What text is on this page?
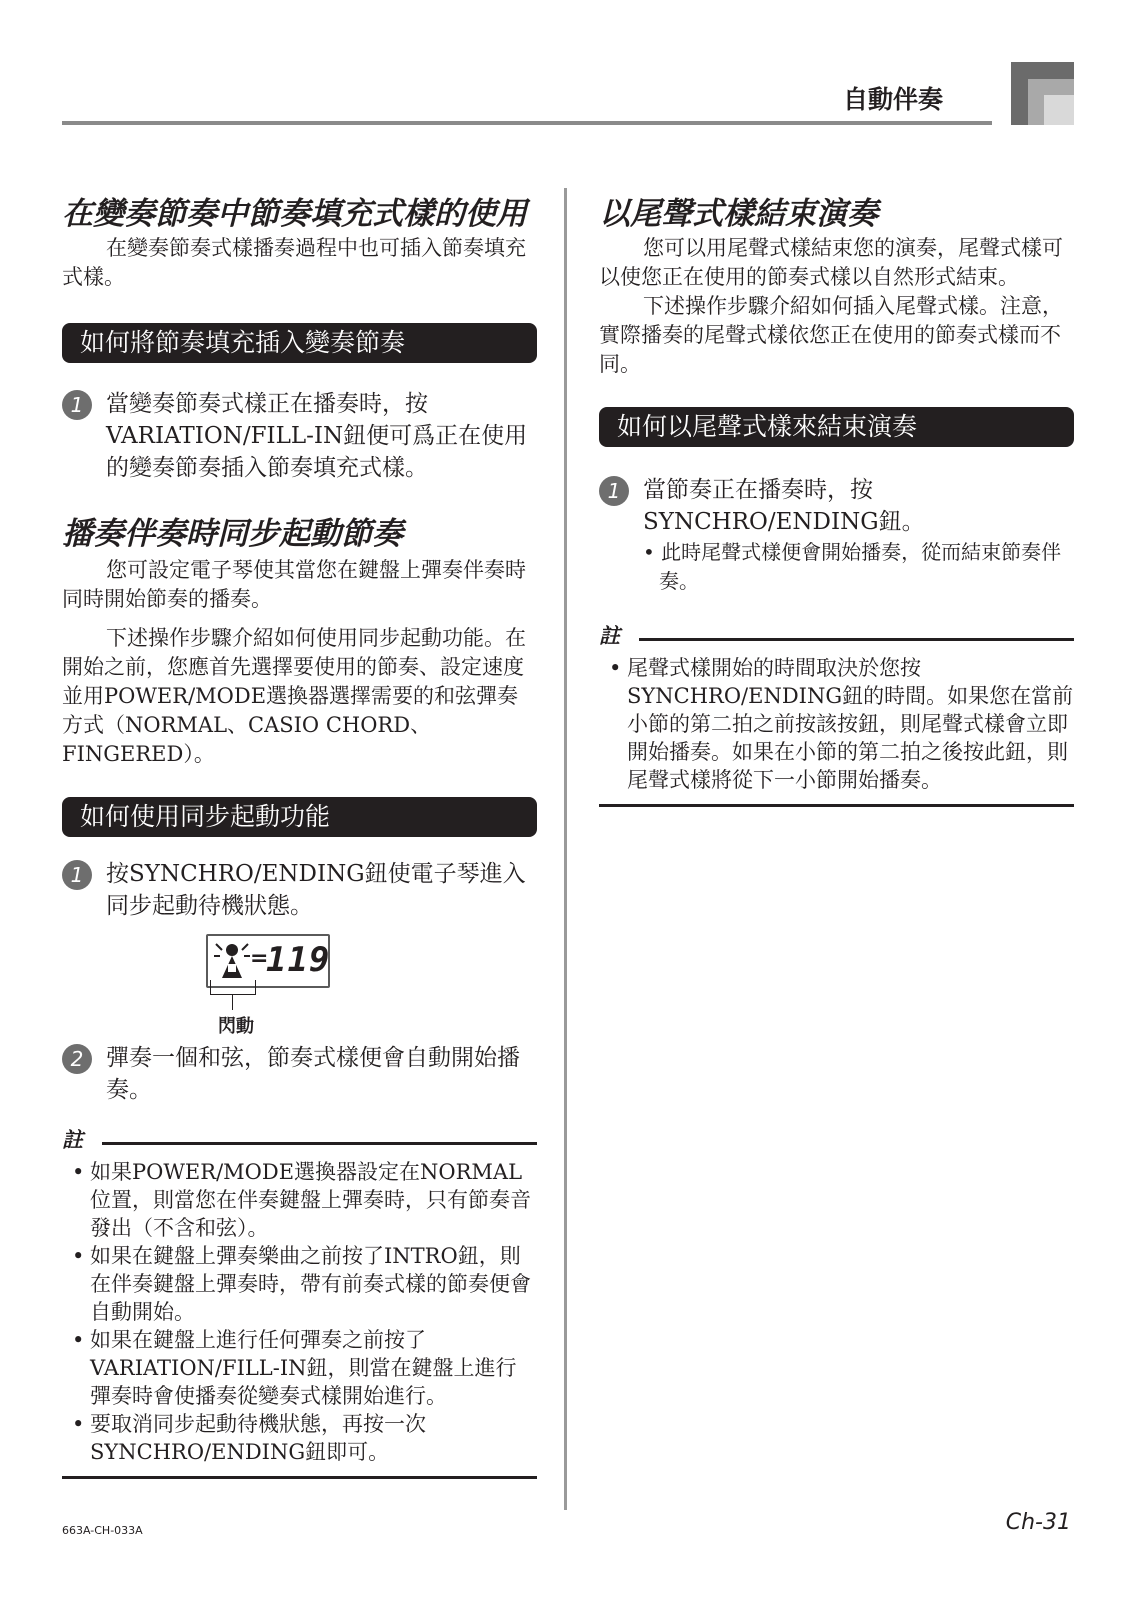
自動伴奏
在變奏節奏中節奏填充式樣的使用

在變奏節奏式樣播奏過程中也可插入節奏填充式樣。

如何將節奏填充插入變奏節奏
1 當變奏節奏式樣正在播奏時，按VARIATION/FILL-IN鈕便可爲正在使用的變奏節奏插入節奏填充式樣。
播奏伴奏時同步起動節奏

您可設定電子琴使其當您在鍵盤上彈奏伴奏時同時開始節奏的播奏。

下述操作步驟介紹如何使用同步起動功能。在開始之前，您應首先選擇要使用的節奏、設定速度並用POWER/MODE選換器選擇需要的和弦彈奏方式（NORMAL、CASIO CHORD、FINGERED）。

如何使用同步起動功能
1 按SYNCHRO/ENDING鈕使電子琴進入同步起動待機狀態。
=
119
閃動
2 彈奏一個和弦，節奏式樣便會自動開始播奏。
註
• 如果POWER/MODE選換器設定在NORMAL位置，則當您在伴奏鍵盤上彈奏時，只有節奏音發出（不含和弦）。
• 如果在鍵盤上彈奏樂曲之前按了INTRO鈕，則在伴奏鍵盤上彈奏時，帶有前奏式樣的節奏便會自動開始。
• 如果在鍵盤上進行任何彈奏之前按了VARIATION/FILL-IN鈕，則當在鍵盤上進行彈奏時會使播奏從變奏式樣開始進行。
• 要取消同步起動待機狀態，再按一次SYNCHRO/ENDING鈕即可。
以尾聲式樣結束演奏

您可以用尾聲式樣結束您的演奏，尾聲式樣可以使您正在使用的節奏式樣以自然形式結束。

下述操作步驟介紹如何插入尾聲式樣。注意，實際播奏的尾聲式樣依您正在使用的節奏式樣而不同。

如何以尾聲式樣來結束演奏
1 當節奏正在播奏時，按SYNCHRO/ENDING鈕。
• 此時尾聲式樣便會開始播奏，從而結束節奏伴奏。
註
• 尾聲式樣開始的時間取決於您按SYNCHRO/ENDING鈕的時間。如果您在當前小節的第二拍之前按該按鈕，則尾聲式樣會立即開始播奏。如果在小節的第二拍之後按此鈕，則尾聲式樣將從下一小節開始播奏。
663A-CH-033A	Ch-31
